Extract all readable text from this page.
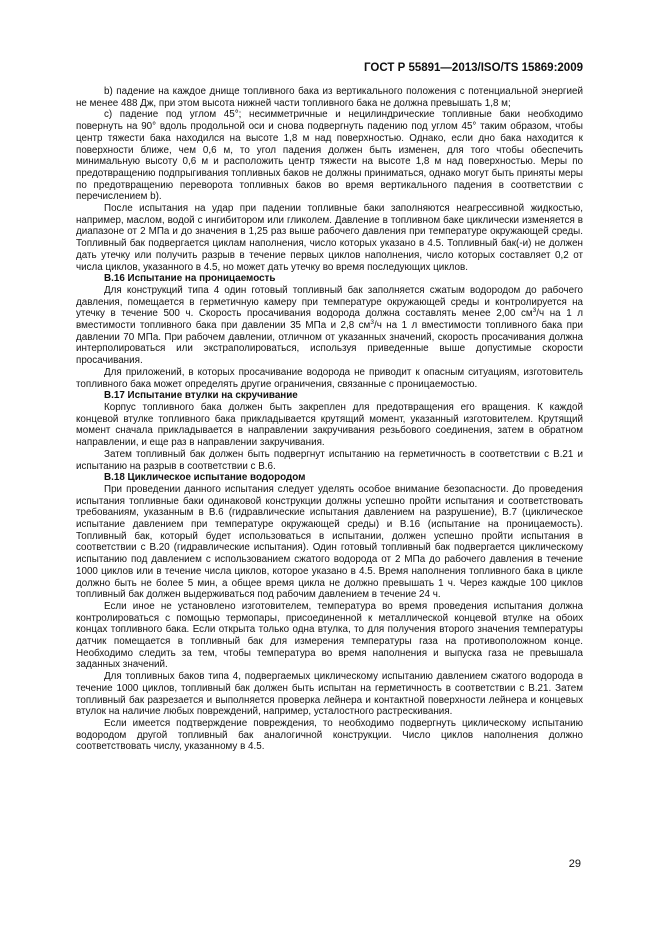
ГОСТ Р 55891—2013/ISO/TS 15869:2009

b) падение на каждое днище топливного бака из вертикального положения с потенциальной энергией не менее 488 Дж, при этом высота нижней части топливного бака не должна превышать 1,8 м;

c) падение под углом 45°; несимметричные и нецилиндрические топливные баки необходимо повернуть на 90° вдоль продольной оси и снова подвергнуть падению под углом 45° таким образом, чтобы центр тяжести бака находился на высоте 1,8 м над поверхностью. Однако, если дно бака находится к поверхности ближе, чем 0,6 м, то угол падения должен быть изменен, для того чтобы обеспечить минимальную высоту 0,6 м и расположить центр тяжести на высоте 1,8 м над поверхностью. Меры по предотвращению подпрыгивания топливных баков не должны приниматься, однако могут быть приняты меры по предотвращению переворота топливных баков во время вертикального падения в соответствии с перечислением b).

После испытания на удар при падении топливные баки заполняются неагрессивной жидкостью, например, маслом, водой с ингибитором или гликолем. Давление в топливном баке циклически изменяется в диапазоне от 2 МПа и до значения в 1,25 раз выше рабочего давления при температуре окружающей среды. Топливный бак подвергается циклам наполнения, число которых указано в 4.5. Топливный бак(-и) не должен дать утечку или получить разрыв в течение первых циклов наполнения, число которых составляет 0,2 от числа циклов, указанного в 4.5, но может дать утечку во время последующих циклов.

B.16 Испытание на проницаемость

Для конструкций типа 4 один готовый топливный бак заполняется сжатым водородом до рабочего давления, помещается в герметичную камеру при температуре окружающей среды и контролируется на утечку в течение 500 ч. Скорость просачивания водорода должна составлять менее 2,00 $см^3/ч$ на 1 л вместимости топливного бака при давлении 35 МПа и 2,8 $см^3/ч$ на 1 л вместимости топливного бака при давлении 70 МПа. При рабочем давлении, отличном от указанных значений, скорость просачивания должна интерполироваться или экстраполироваться, используя приведенные выше допустимые скорости просачивания.

Для приложений, в которых просачивание водорода не приводит к опасным ситуациям, изготовитель топливного бака может определять другие ограничения, связанные с проницаемостью.

B.17 Испытание втулки на скручивание

Корпус топливного бака должен быть закреплен для предотвращения его вращения. К каждой концевой втулке топливного бака прикладывается крутящий момент, указанный изготовителем. Крутящий момент сначала прикладывается в направлении закручивания резьбового соединения, затем в обратном направлении, и еще раз в направлении закручивания.

Затем топливный бак должен быть подвергнут испытанию на герметичность в соответствии с B.21 и испытанию на разрыв в соответствии с B.6.

B.18 Циклическое испытание водородом

При проведении данного испытания следует уделять особое внимание безопасности. До проведения испытания топливные баки одинаковой конструкции должны успешно пройти испытания и соответствовать требованиям, указанным в B.6 (гидравлические испытания давлением на разрушение), B.7 (циклическое испытание давлением при температуре окружающей среды) и B.16 (испытание на проницаемость). Топливный бак, который будет использоваться в испытании, должен успешно пройти испытания в соответствии с B.20 (гидравлические испытания). Один готовый топливный бак подвергается циклическому испытанию под давлением с использованием сжатого водорода от 2 МПа до рабочего давления в течение 1000 циклов или в течение числа циклов, которое указано в 4.5. Время наполнения топливного бака в цикле должно быть не более 5 мин, а общее время цикла не должно превышать 1 ч. Через каждые 100 циклов топливный бак должен выдерживаться под рабочим давлением в течение 24 ч.

Если иное не установлено изготовителем, температура во время проведения испытания должна контролироваться с помощью термопары, присоединенной к металлической концевой втулке на обоих концах топливного бака. Если открыта только одна втулка, то для получения второго значения температуры датчик помещается в топливный бак для измерения температуры газа на противоположном конце. Необходимо следить за тем, чтобы температура во время наполнения и выпуска газа не превышала заданных значений.

Для топливных баков типа 4, подвергаемых циклическому испытанию давлением сжатого водорода в течение 1000 циклов, топливный бак должен быть испытан на герметичность в соответствии с B.21. Затем топливный бак разрезается и выполняется проверка лейнера и контактной поверхности лейнера и концевых втулок на наличие любых повреждений, например, усталостного растрескивания.

Если имеется подтверждение повреждения, то необходимо подвергнуть циклическому испытанию водородом другой топливный бак аналогичной конструкции. Число циклов наполнения должно соответствовать числу, указанному в 4.5.

29
